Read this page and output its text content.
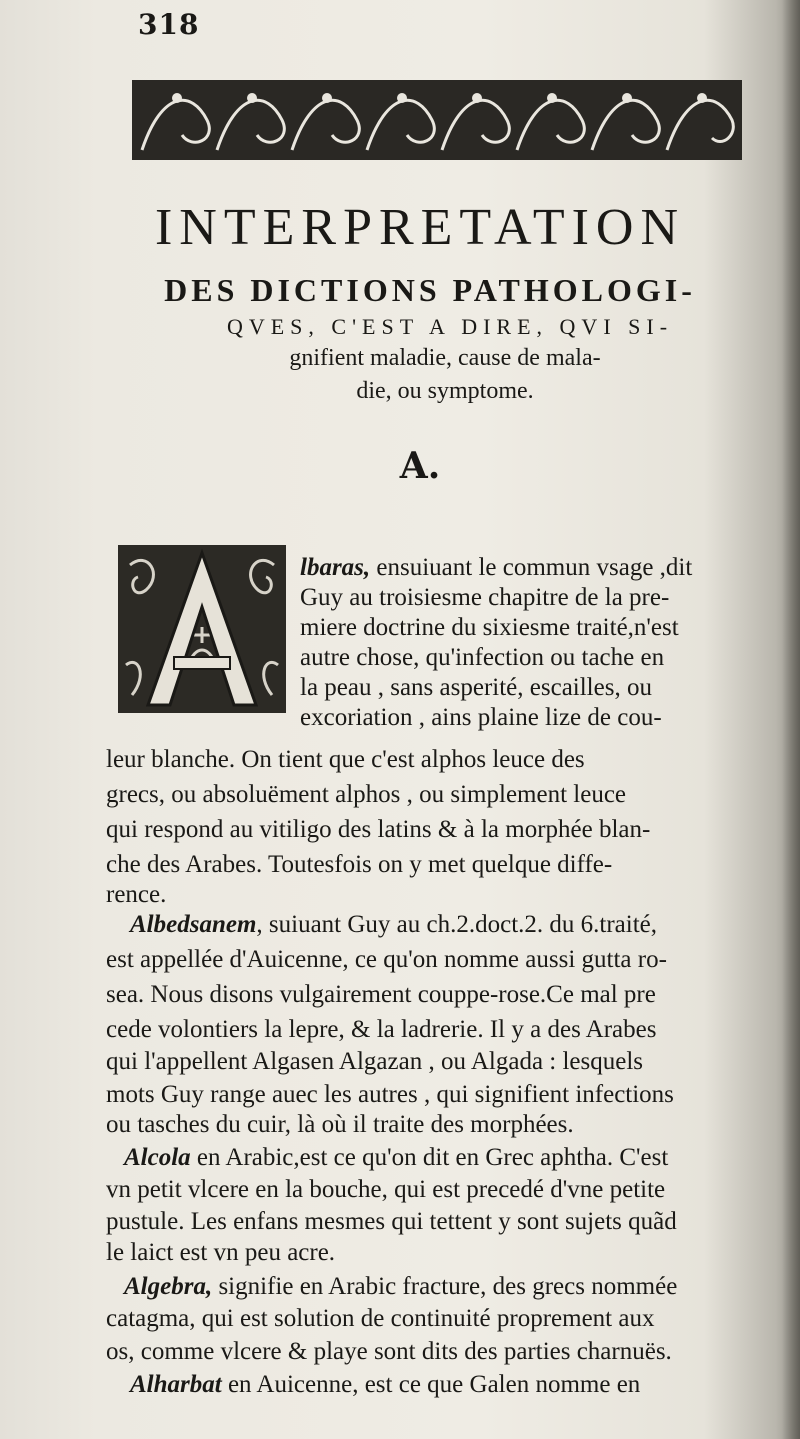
318
INTERPRETATION
DES DICTIONS PATHOLOGI-
QVES, C'EST A DIRE, QVI SI-
gnifient maladie, cause de mala-
die, ou symptome.
A.
A
lbaras, ensuiuant le commun vsage ,dit
Guy au troisiesme chapitre de la pre-
miere doctrine du sixiesme traité,n'est
autre chose, qu'infection ou tache en
la peau , sans asperité, escailles, ou
excoriation , ains plaine lize de cou-
leur blanche. On tient que c'est alphos leuce des
grecs, ou absoluëment alphos , ou simplement leuce
qui respond au vitiligo des latins & à la morphée blan-
che des Arabes. Toutesfois on y met quelque diffe-
rence.
Albedsanem, suiuant Guy au ch.2.doct.2. du 6.traité,
est appellée d'Auicenne, ce qu'on nomme aussi gutta ro-
sea. Nous disons vulgairement couppe-rose.Ce mal pre
cede volontiers la lepre, & la ladrerie. Il y a des Arabes
qui l'appellent Algasen Algazan , ou Algada : lesquels
mots Guy range auec les autres , qui signifient infections
ou tasches du cuir, là où il traite des morphées.
Alcola en Arabic,est ce qu'on dit en Grec aphtha. C'est
vn petit vlcere en la bouche, qui est precedé d'vne petite
pustule. Les enfans mesmes qui tettent y sont sujets quãd
le laict est vn peu acre.
Algebra, signifie en Arabic fracture, des grecs nommée
catagma, qui est solution de continuité proprement aux
os, comme vlcere & playe sont dits des parties charnuës.
Alharbat en Auicenne, est ce que Galen nomme en
